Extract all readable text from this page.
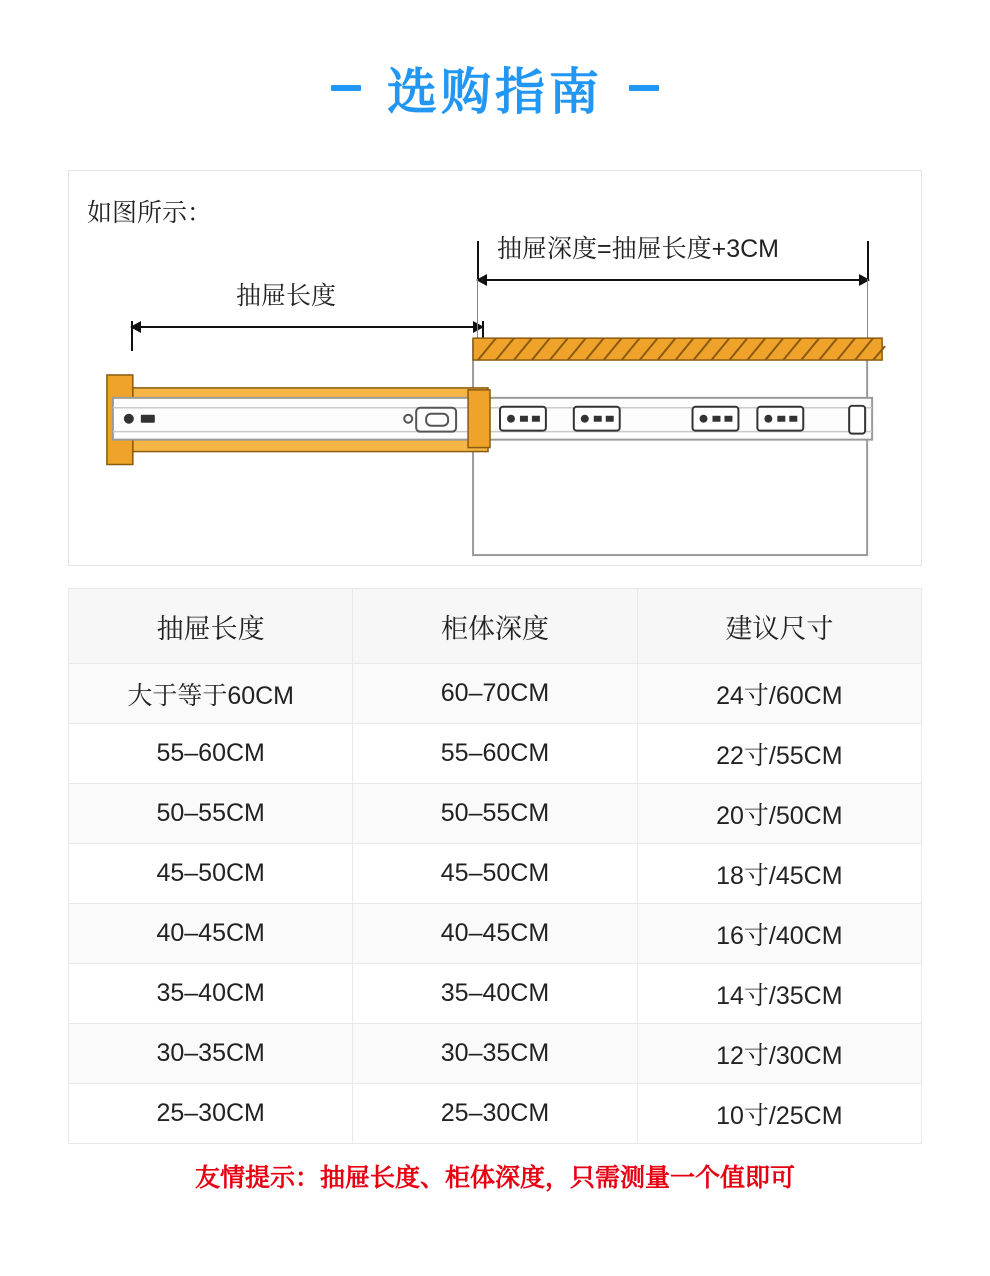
选购指南
如图所示：
抽屉深度=抽屉长度+3CM
抽屉长度
抽屉长度	柜体深度	建议尺寸
大于等于60CM	60–70CM	24寸/60CM
55–60CM	55–60CM	22寸/55CM
50–55CM	50–55CM	20寸/50CM
45–50CM	45–50CM	18寸/45CM
40–45CM	40–45CM	16寸/40CM
35–40CM	35–40CM	14寸/35CM
30–35CM	30–35CM	12寸/30CM
25–30CM	25–30CM	10寸/25CM
友情提示：抽屉长度、柜体深度，只需测量一个值即可
